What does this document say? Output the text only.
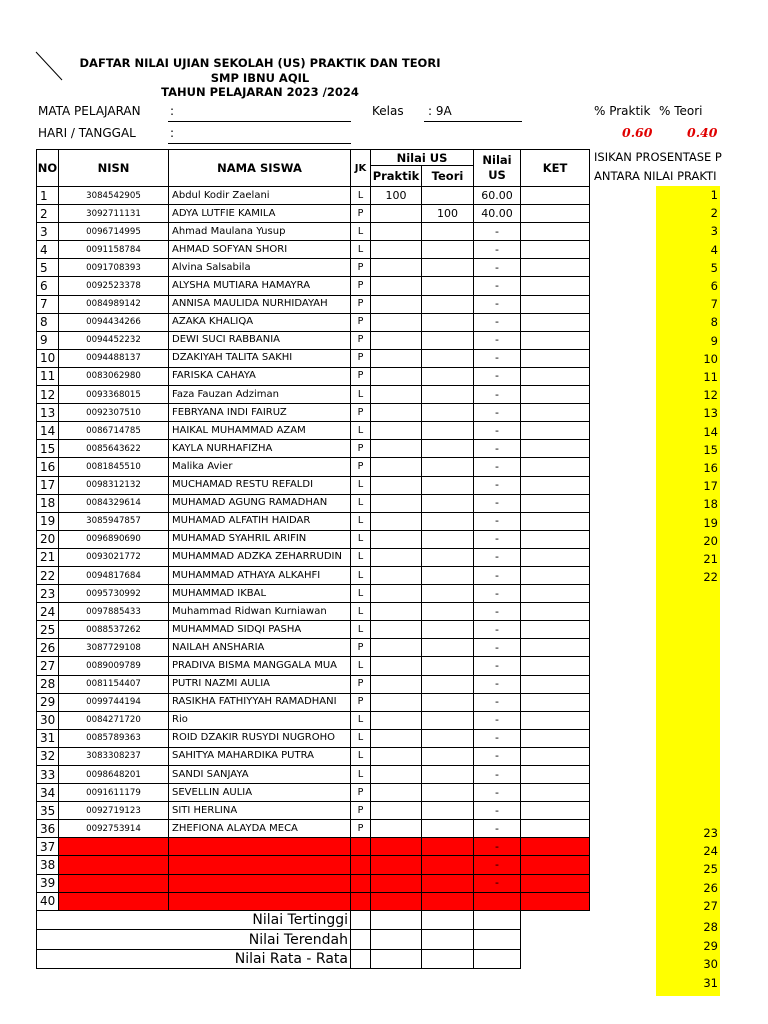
DAFTAR NILAI UJIAN SEKOLAH (US) PRAKTIK DAN TEORI
SMP IBNU AQIL
TAHUN PELAJARAN 2023 /2024
MATA PELAJARAN :
HARI / TANGGAL	:
Kelas : 9A	% Praktik % Teori
0.60	0.40
ISIKAN PROSENTASE P
ANTARA NILAI PRAKTI
1
2
3
4
5
6
7
8
9
10
11
12
13
14
15
16
17
18
19
20
21
22
23
24
25
26
27
28
29
30
31
NO	NISN	NAMA SISWA	JK	Nilai US		Nilai US	KET
				Praktik	Teori		
1	3084542905	Abdul Kodir Zaelani	L	100		60.00	
2	3092711131	ADYA LUTFIE KAMILA	P		100	40.00	
3	0096714995	Ahmad Maulana Yusup	L			-	
4	0091158784	AHMAD SOFYAN SHORI	L			-	
5	0091708393	Alvina Salsabila	P			-	
6	0092523378	ALYSHA MUTIARA HAMAYRA	P			-	
7	0084989142	ANNISA MAULIDA NURHIDAYAH	P			-	
8	0094434266	AZAKA KHALIQA	P			-	
9	0094452232	DEWI SUCI RABBANIA	P			-	
10	0094488137	DZAKIYAH TALITA SAKHI	P			-	
11	0083062980	FARISKA CAHAYA	P			-	
12	0093368015	Faza Fauzan Adziman	L			-	
13	0092307510	FEBRYANA INDI FAIRUZ	P			-	
14	0086714785	HAIKAL MUHAMMAD AZAM	L			-	
15	0085643622	KAYLA NURHAFIZHA	P			-	
16	0081845510	Malika Avier	P			-	
17	0098312132	MUCHAMAD RESTU REFALDI	L			-	
18	0084329614	MUHAMAD AGUNG RAMADHAN	L			-	
19	3085947857	MUHAMAD ALFATIH HAIDAR	L			-	
20	0096890690	MUHAMAD SYAHRIL ARIFIN	L			-	
21	0093021772	MUHAMMAD ADZKA ZEHARRUDIN	L			-	
22	0094817684	MUHAMMAD ATHAYA ALKAHFI	L			-	
23	0095730992	MUHAMMAD IKBAL	L			-	
24	0097885433	Muhammad Ridwan Kurniawan	L			-	
25	0088537262	MUHAMMAD SIDQI PASHA	L			-	
26	3087729108	NAILAH ANSHARIA	P			-	
27	0089009789	PRADIVA BISMA MANGGALA MUA	L			-	
28	0081154407	PUTRI NAZMI AULIA	P			-	
29	0099744194	RASIKHA FATHIYYAH RAMADHANI	P			-	
30	0084271720	Rio	L			-	
31	0085789363	ROID DZAKIR RUSYDI NUGROHO	L			-	
32	3083308237	SAHITYA MAHARDIKA PUTRA	L			-	
33	0098648201	SANDI SANJAYA	L			-	
34	0091611179	SEVELLIN AULIA	P			-	
35	0092719123	SITI HERLINA	P			-	
36	0092753914	ZHEFIONA ALAYDA MECA	P			-	
37						-	
38						-	
39						-	
40							
Nilai Tertinggi							
Nilai Terendah							
Nilai Rata - Rata							
